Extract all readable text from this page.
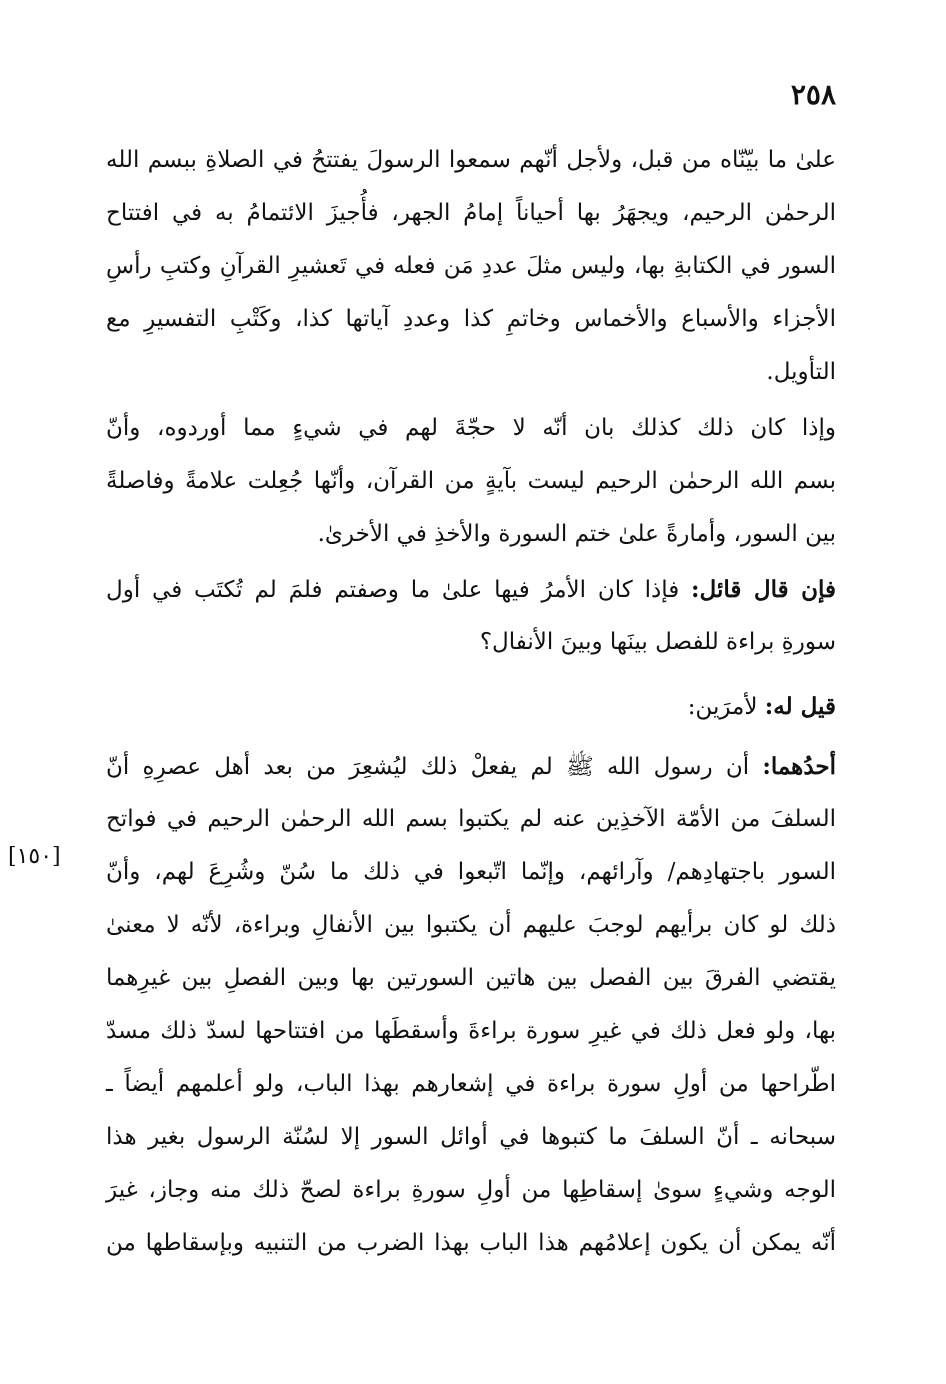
٢٥٨
[١٥٠]
علىٰ ما بيّنّاه من قبل، ولأجل أنّهم سمعوا الرسولَ يفتتحُ في الصلاةِ ببسم الله
الرحمٰن الرحيم، ويجهَرُ بها أحياناً إمامُ الجهر، فأُجيزَ الائتمامُ به في افتتاح
السور في الكتابةِ بها، وليس مثلَ عددِ مَن فعله في تَعشيرِ القرآنِ وكتبِ رأسِ
الأجزاء والأسباع والأخماس وخاتمِ كذا وعددِ آياتها كذا، وكَتْبِ التفسيرِ مع
التأويل.
وإذا كان ذلك كذلك بان أنّه لا حجّةَ لهم في شيءٍ مما أوردوه، وأنّ
بسم الله الرحمٰن الرحيم ليست بآيةٍ من القرآن، وأنّها جُعِلت علامةً وفاصلةً
بين السور، وأمارةً علىٰ ختم السورة والأخذِ في الأخرىٰ.
فإن قال قائل: فإذا كان الأمرُ فيها علىٰ ما وصفتم فلمَ لم تُكتَب في أول
سورةِ براءة للفصل بينَها وبينَ الأنفال؟
قيل له: لأمرَين:
أحدُهما: أن رسول الله ﷺ لم يفعلْ ذلك ليُشعِرَ من بعد أهل عصرِهِ أنّ
السلفَ من الأمّة الآخذِين عنه لم يكتبوا بسم الله الرحمٰن الرحيم في فواتح
السور باجتهادِهم/ وآرائهم، وإنّما اتّبعوا في ذلك ما سُنّ وشُرِعَ لهم، وأنّ
ذلك لو كان برأيهم لوجبَ عليهم أن يكتبوا بين الأنفالِ وبراءة، لأنّه لا معنىٰ
يقتضي الفرقَ بين الفصل بين هاتين السورتين بها وبين الفصلِ بين غيرِهما
بها، ولو فعل ذلك في غيرِ سورة براءةَ وأسقطَها من افتتاحها لسدّ ذلك مسدّ
اطّراحها من أولِ سورة براءة في إشعارهم بهذا الباب، ولو أعلمهم أيضاً ـ
سبحانه ـ أنّ السلفَ ما كتبوها في أوائل السور إلا لسُنّة الرسول بغير هذا
الوجه وشيءٍ سوىٰ إسقاطِها من أولِ سورةِ براءة لصحّ ذلك منه وجاز، غيرَ
أنّه يمكن أن يكون إعلامُهم هذا الباب بهذا الضرب من التنبيه وبإسقاطها من
